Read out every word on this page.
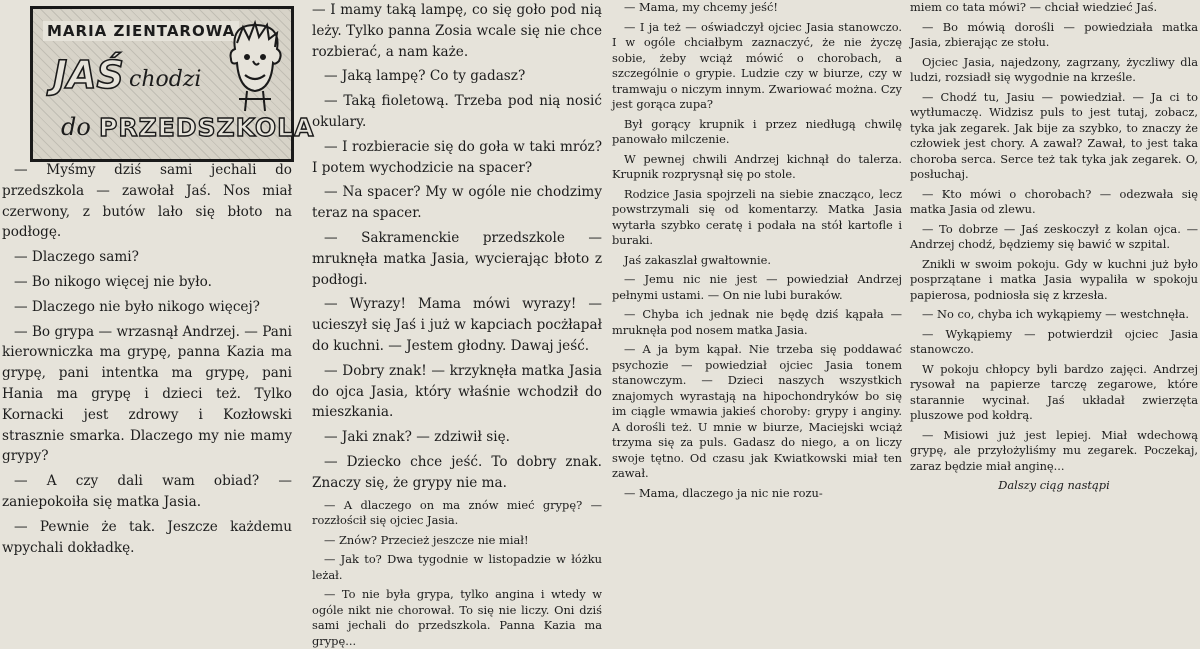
MARIA ZIENTAROWA
JAŚ chodzi
do PRZEDSZKOLA

— Myśmy dziś sami jechali do przedszkola — zawołał Jaś. Nos miał czerwony, z butów lało się błoto na podłogę.

— Dlaczego sami?

— Bo nikogo więcej nie było.

— Dlaczego nie było nikogo więcej?

— Bo grypa — wrzasnął Andrzej. — Pani kierowniczka ma grypę, panna Kazia ma grypę, pani intentka ma grypę, pani Hania ma grypę i dzieci też. Tylko Kornacki jest zdrowy i Kozłowski strasznie smarka. Dlaczego my nie mamy grypy?

— A czy dali wam obiad? — zaniepokoiła się matka Jasia.

— Pewnie że tak. Jeszcze każdemu wpychali dokładkę.

— I mamy taką lampę, co się goło pod nią leży. Tylko panna Zosia wcale się nie chce rozbierać, a nam każe.

— Jaką lampę? Co ty gadasz?

— Taką fioletową. Trzeba pod nią nosić okulary.

— I rozbieracie się do goła w taki mróz? I potem wychodzicie na spacer?

— Na spacer? My w ogóle nie chodzimy teraz na spacer.

— Sakramenckie przedszkole — mruknęła matka Jasia, wycierając błoto z podłogi.

— Wyrazy! Mama mówi wyrazy! — ucieszył się Jaś i już w kapciach pocżłapał do kuchni. — Jestem głodny. Dawaj jeść.

— Dobry znak! — krzyknęła matka Jasia do ojca Jasia, który właśnie wchodził do mieszkania.

— Jaki znak? — zdziwił się.

— Dziecko chce jeść. To dobry znak. Znaczy się, że grypy nie ma.

— A dlaczego on ma znów mieć grypę? — rozzłościł się ojciec Jasia.

— Znów? Przecież jeszcze nie miał!

— Jak to? Dwa tygodnie w listopadzie w łóżku leżał.

— To nie była grypa, tylko angina i wtedy w ogóle nikt nie chorował. To się nie liczy. Oni dziś sami jechali do przedszkola. Panna Kazia ma grypę...

— Mama, my chcemy jeść!

— I ja też — oświadczył ojciec Jasia stanowczo. I w ogóle chciałbym zaznaczyć, że nie życzę sobie, żeby wciąż mówić o chorobach, a szczególnie o grypie. Ludzie czy w biurze, czy w tramwaju o niczym innym. Zwariować można. Czy jest gorąca zupa?

Był gorący krupnik i przez niedługą chwilę panowało milczenie.

W pewnej chwili Andrzej kichnął do talerza. Krupnik rozprysnął się po stole.

Rodzice Jasia spojrzeli na siebie znacząco, lecz powstrzymali się od komentarzy. Matka Jasia wytarła szybko ceratę i podała na stół kartofle i buraki.

Jaś zakaszlał gwałtownie.

— Jemu nic nie jest — powiedział Andrzej pełnymi ustami. — On nie lubi buraków.

— Chyba ich jednak nie będę dziś kąpała — mruknęła pod nosem matka Jasia.

— A ja bym kąpał. Nie trzeba się poddawać psychozie — powiedział ojciec Jasia tonem stanowczym. — Dzieci naszych wszystkich znajomych wyrastają na hipochondryków bo się im ciągle wmawia jakieś choroby: grypy i anginy. A dorośli też. U mnie w biurze, Maciejski wciąż trzyma się za puls. Gadasz do niego, a on liczy swoje tętno. Od czasu jak Kwiatkowski miał ten zawał.

— Mama, dlaczego ja nic nie rozu-

miem co tata mówi? — chciał wiedzieć Jaś.

— Bo mówią dorośli — powiedziała matka Jasia, zbierając ze stołu.

Ojciec Jasia, najedzony, zagrzany, życzliwy dla ludzi, rozsiadł się wygodnie na krześle.

— Chodź tu, Jasiu — powiedział. — Ja ci to wytłumaczę. Widzisz puls to jest tutaj, zobacz, tyka jak zegarek. Jak bije za szybko, to znaczy że człowiek jest chory. A zawał? Zawał, to jest taka choroba serca. Serce też tak tyka jak zegarek. O, posłuchaj.

— Kto mówi o chorobach? — odezwała się matka Jasia od zlewu.

— To dobrze — Jaś zeskoczył z kolan ojca. — Andrzej chodź, będziemy się bawić w szpital.

Znikli w swoim pokoju. Gdy w kuchni już było posprzątane i matka Jasia wypaliła w spokoju papierosa, podniosła się z krzesła.

— No co, chyba ich wykąpiemy — westchnęła.

— Wykąpiemy — potwierdził ojciec Jasia stanowczo.

W pokoju chłopcy byli bardzo zajęci. Andrzej rysował na papierze tarczę zegarowe, które starannie wycinał. Jaś układał zwierzęta pluszowe pod kołdrą.

— Misiowi już jest lepiej. Miał wdechową grypę, ale przyłożyliśmy mu zegarek. Poczekaj, zaraz będzie miał anginę...

Dalszy ciąg nastąpi
